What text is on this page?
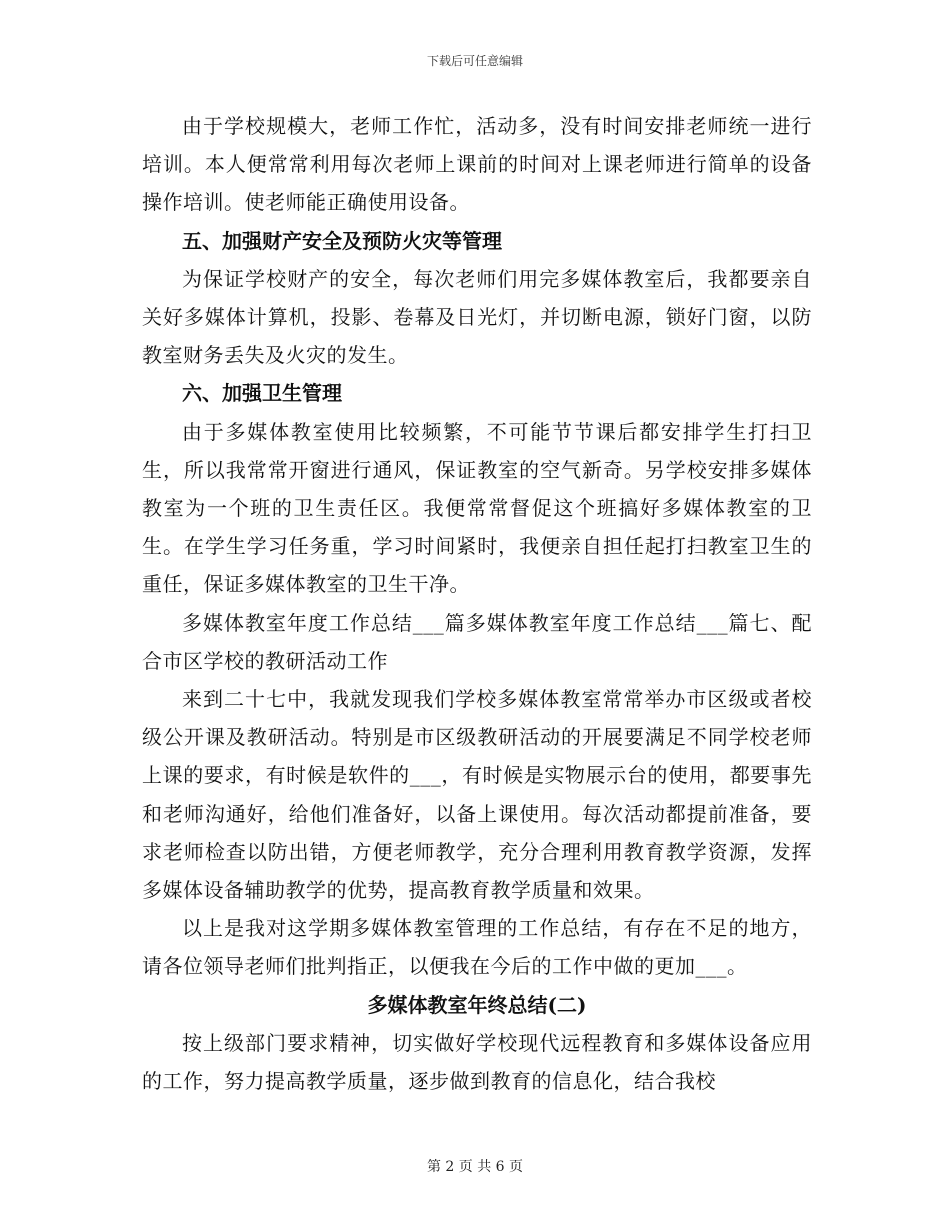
下载后可任意编辑

由于学校规模大，老师工作忙，活动多，没有时间安排老师统一进行培训。本人便常常利用每次老师上课前的时间对上课老师进行简单的设备操作培训。使老师能正确使用设备。

五、加强财产安全及预防火灾等管理

为保证学校财产的安全，每次老师们用完多媒体教室后，我都要亲自关好多媒体计算机，投影、卷幕及日光灯，并切断电源，锁好门窗，以防教室财务丢失及火灾的发生。

六、加强卫生管理

由于多媒体教室使用比较频繁，不可能节节课后都安排学生打扫卫生，所以我常常开窗进行通风，保证教室的空气新奇。另学校安排多媒体教室为一个班的卫生责任区。我便常常督促这个班搞好多媒体教室的卫生。在学生学习任务重，学习时间紧时，我便亲自担任起打扫教室卫生的重任，保证多媒体教室的卫生干净。

多媒体教室年度工作总结___篇多媒体教室年度工作总结___篇七、配合市区学校的教研活动工作

来到二十七中，我就发现我们学校多媒体教室常常举办市区级或者校级公开课及教研活动。特别是市区级教研活动的开展要满足不同学校老师上课的要求，有时候是软件的___，有时候是实物展示台的使用，都要事先和老师沟通好，给他们准备好，以备上课使用。每次活动都提前准备，要求老师检查以防出错，方便老师教学，充分合理利用教育教学资源，发挥多媒体设备辅助教学的优势，提高教育教学质量和效果。

以上是我对这学期多媒体教室管理的工作总结，有存在不足的地方，请各位领导老师们批判指正，以便我在今后的工作中做的更加___。

多媒体教室年终总结(二)

按上级部门要求精神，切实做好学校现代远程教育和多媒体设备应用的工作，努力提高教学质量，逐步做到教育的信息化，结合我校

第 2 页 共 6 页
